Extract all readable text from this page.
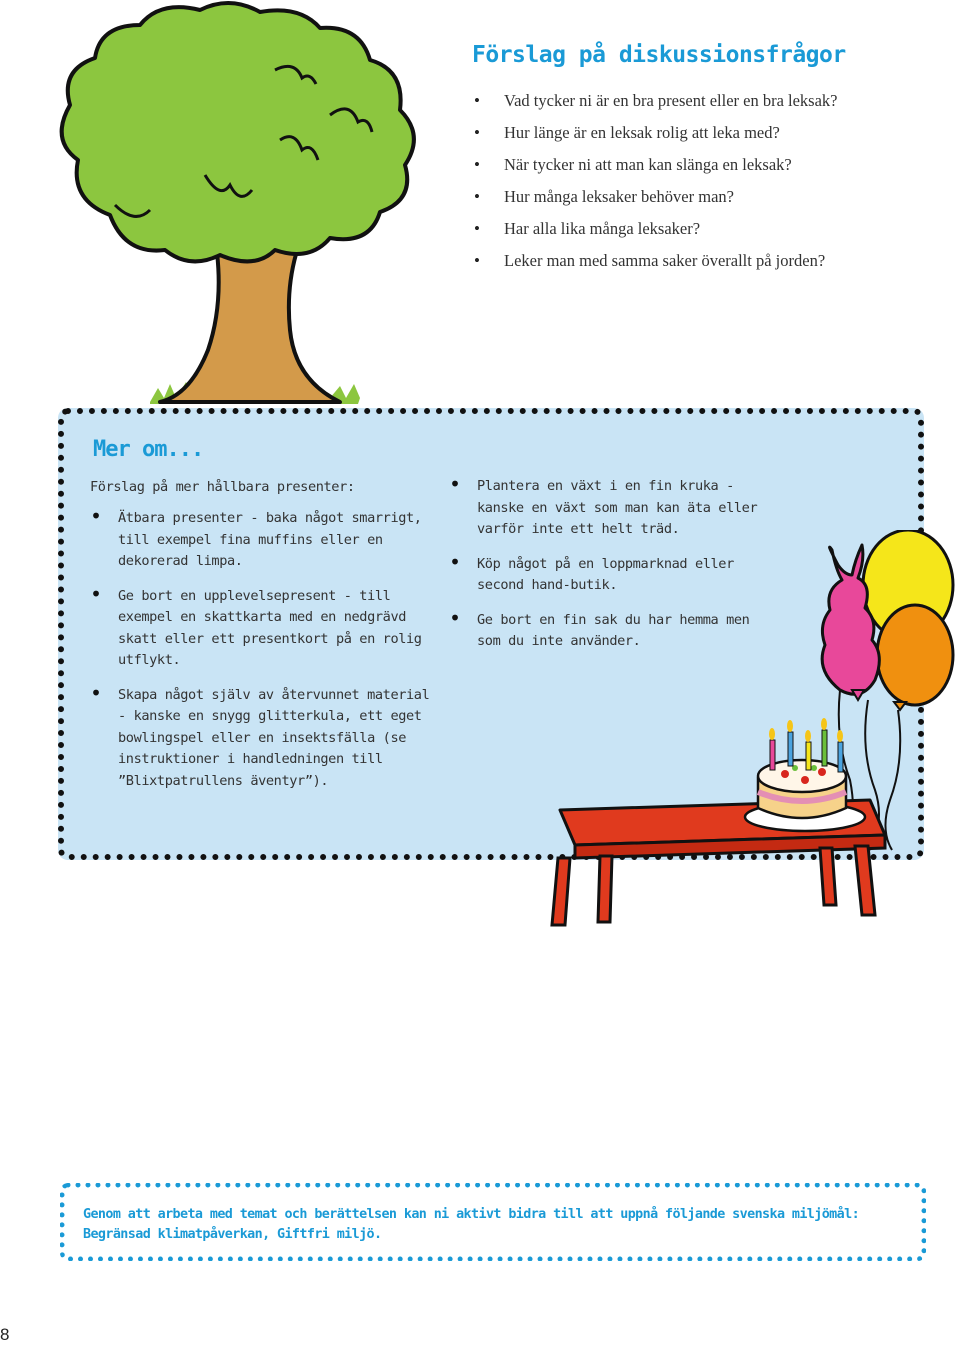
Förslag på diskussionsfrågor
• Vad tycker ni är en bra present eller en bra leksak?
• Hur länge är en leksak rolig att leka med?
• När tycker ni att man kan slänga en leksak?
• Hur många leksaker behöver man?
• Har alla lika många leksaker?
• Leker man med samma saker överallt på jorden?
Mer om...

Förslag på mer hållbara presenter:

• Ätbara presenter - baka något smarrigt, till exempel fina muffins eller en dekorerad limpa.
• Ge bort en upplevelsepresent - till exempel en skattkarta med en nedgrävd skatt eller ett presentkort på en rolig utflykt.
• Skapa något själv av återvunnet material - kanske en snygg glitterkula, ett eget bowlingspel eller en insektsfälla (se instruktioner i handledningen till ”Blixtpatrullens äventyr”).
• Plantera en växt i en fin kruka - kanske en växt som man kan äta eller varför inte ett helt träd.
• Köp något på en loppmarknad eller second hand-butik.
• Ge bort en fin sak du har hemma men som du inte använder.

Genom att arbeta med temat och berättelsen kan ni aktivt bidra till att uppnå följande svenska miljömål:
Begränsad klimatpåverkan, Giftfri miljö.

8
